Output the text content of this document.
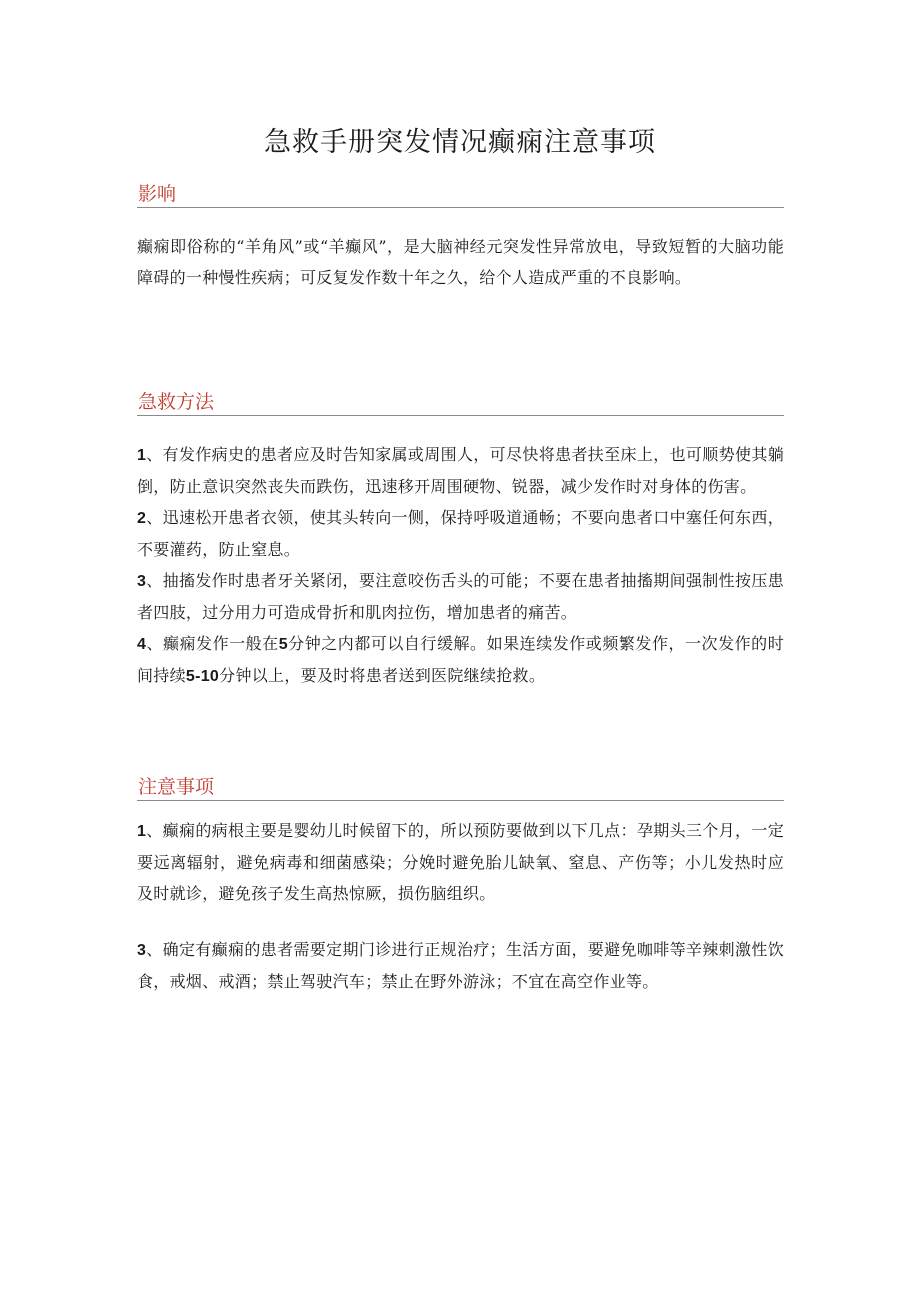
急救手册突发情况癫痫注意事项
影响

癫痫即俗称的“羊角风”或“羊癫风”，是大脑神经元突发性异常放电，导致短暂的大脑功能障碍的一种慢性疾病；可反复发作数十年之久，给个人造成严重的不良影响。

急救方法

1、有发作病史的患者应及时告知家属或周围人，可尽快将患者扶至床上，也可顺势使其躺倒，防止意识突然丧失而跌伤，迅速移开周围硬物、锐器，减少发作时对身体的伤害。

2、迅速松开患者衣领，使其头转向一侧，保持呼吸道通畅；不要向患者口中塞任何东西，不要灌药，防止窒息。

3、抽搐发作时患者牙关紧闭，要注意咬伤舌头的可能；不要在患者抽搐期间强制性按压患者四肢，过分用力可造成骨折和肌肉拉伤，增加患者的痛苦。

4、癫痫发作一般在5分钟之内都可以自行缓解。如果连续发作或频繁发作，一次发作的时间持续5-10分钟以上，要及时将患者送到医院继续抢救。

注意事项

1、癫痫的病根主要是婴幼儿时候留下的，所以预防要做到以下几点：孕期头三个月，一定要远离辐射，避免病毒和细菌感染；分娩时避免胎儿缺氧、窒息、产伤等；小儿发热时应及时就诊，避免孩子发生高热惊厥，损伤脑组织。

3、确定有癫痫的患者需要定期门诊进行正规治疗；生活方面，要避免咖啡等辛辣刺激性饮食，戒烟、戒酒；禁止驾驶汽车；禁止在野外游泳；不宜在高空作业等。
